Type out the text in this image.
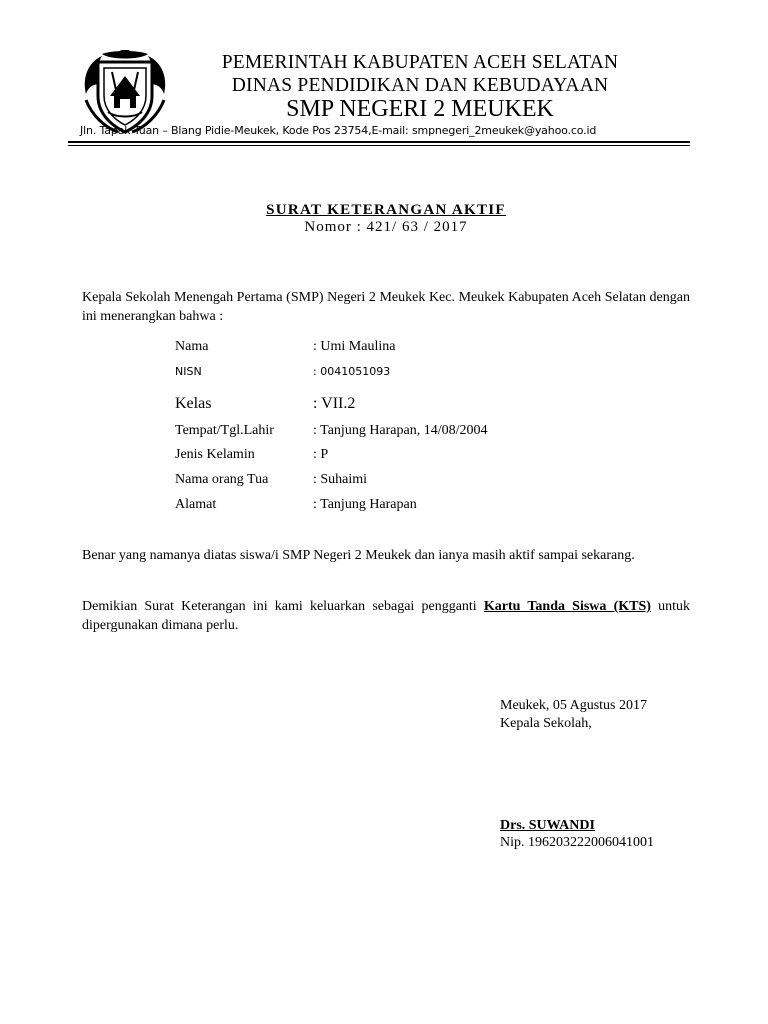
PEMERINTAH KABUPATEN ACEH SELATAN
DINAS PENDIDIKAN DAN KEBUDAYAAN
SMP NEGERI 2 MEUKEK
Jln. Tapak Tuan – Blang Pidie-Meukek, Kode Pos 23754,E-mail: smpnegeri_2meukek@yahoo.co.id
SURAT KETERANGAN AKTIF
Nomor : 421/ 63 / 2017

Kepala Sekolah Menengah Pertama (SMP) Negeri 2 Meukek Kec. Meukek Kabupaten Aceh Selatan dengan ini menerangkan bahwa :

Nama	: Umi Maulina
NISN	: 0041051093
Kelas	: VII.2
Tempat/Tgl.Lahir	: Tanjung Harapan, 14/08/2004
Jenis Kelamin	: P
Nama orang Tua	: Suhaimi
Alamat	: Tanjung Harapan

Benar yang namanya diatas siswa/i SMP Negeri 2 Meukek dan ianya masih aktif sampai sekarang.

Demikian Surat Keterangan ini kami keluarkan sebagai pengganti Kartu Tanda Siswa (KTS) untuk dipergunakan dimana perlu.

Meukek, 05 Agustus 2017
Kepala Sekolah,
Drs. SUWANDI
Nip. 196203222006041001
